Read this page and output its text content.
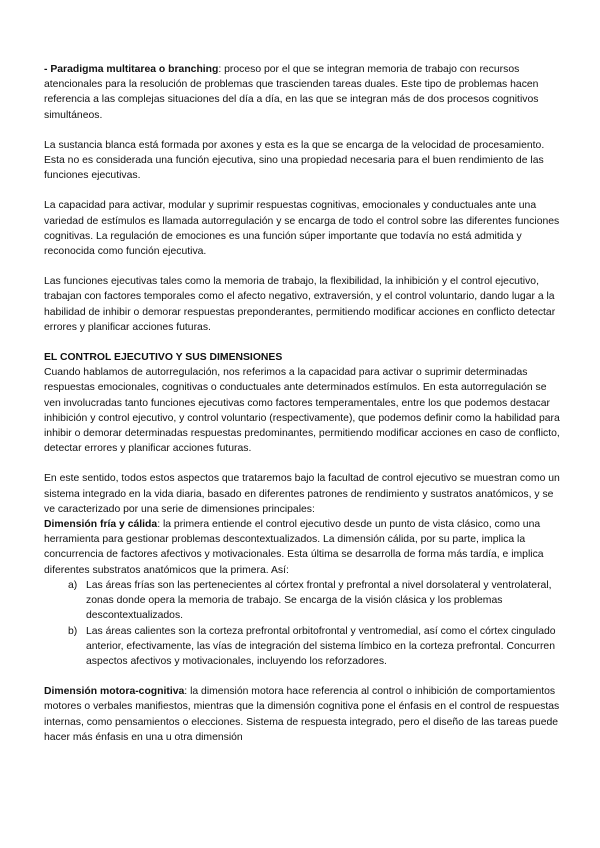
- Paradigma multitarea o branching: proceso por el que se integran memoria de trabajo con recursos atencionales para la resolución de problemas que trascienden tareas duales. Este tipo de problemas hacen referencia a las complejas situaciones del día a día, en las que se integran más de dos procesos cognitivos simultáneos.

La sustancia blanca está formada por axones y esta es la que se encarga de la velocidad de procesamiento. Esta no es considerada una función ejecutiva, sino una propiedad necesaria para el buen rendimiento de las funciones ejecutivas.

La capacidad para activar, modular y suprimir respuestas cognitivas, emocionales y conductuales ante una variedad de estímulos es llamada autorregulación y se encarga de todo el control sobre las diferentes funciones cognitivas. La regulación de emociones es una función súper importante que todavía no está admitida y reconocida como función ejecutiva.

Las funciones ejecutivas tales como la memoria de trabajo, la flexibilidad, la inhibición y el control ejecutivo, trabajan con factores temporales como el afecto negativo, extraversión, y el control voluntario, dando lugar a la habilidad de inhibir o demorar respuestas preponderantes, permitiendo modificar acciones en conflicto detectar errores y planificar acciones futuras.

EL CONTROL EJECUTIVO Y SUS DIMENSIONES

Cuando hablamos de autorregulación, nos referimos a la capacidad para activar o suprimir determinadas respuestas emocionales, cognitivas o conductuales ante determinados estímulos. En esta autorregulación se ven involucradas tanto funciones ejecutivas como factores temperamentales, entre los que podemos destacar inhibición y control ejecutivo, y control voluntario (respectivamente), que podemos definir como la habilidad para inhibir o demorar determinadas respuestas predominantes, permitiendo modificar acciones en caso de conflicto, detectar errores y planificar acciones futuras.

En este sentido, todos estos aspectos que trataremos bajo la facultad de control ejecutivo se muestran como un sistema integrado en la vida diaria, basado en diferentes patrones de rendimiento y sustratos anatómicos, y se ve caracterizado por una serie de dimensiones principales:

Dimensión fría y cálida: la primera entiende el control ejecutivo desde un punto de vista clásico, como una herramienta para gestionar problemas descontextualizados. La dimensión cálida, por su parte, implica la concurrencia de factores afectivos y motivacionales. Esta última se desarrolla de forma más tardía, e implica diferentes substratos anatómicos que la primera. Así:

a) Las áreas frías son las pertenecientes al córtex frontal y prefrontal a nivel dorsolateral y ventrolateral, zonas donde opera la memoria de trabajo. Se encarga de la visión clásica y los problemas descontextualizados.
b) Las áreas calientes son la corteza prefrontal orbitofrontal y ventromedial, así como el córtex cingulado anterior, efectivamente, las vías de integración del sistema límbico en la corteza prefrontal. Concurren aspectos afectivos y motivacionales, incluyendo los reforzadores.

Dimensión motora-cognitiva: la dimensión motora hace referencia al control o inhibición de comportamientos motores o verbales manifiestos, mientras que la dimensión cognitiva pone el énfasis en el control de respuestas internas, como pensamientos o elecciones. Sistema de respuesta integrado, pero el diseño de las tareas puede hacer más énfasis en una u otra dimensión
